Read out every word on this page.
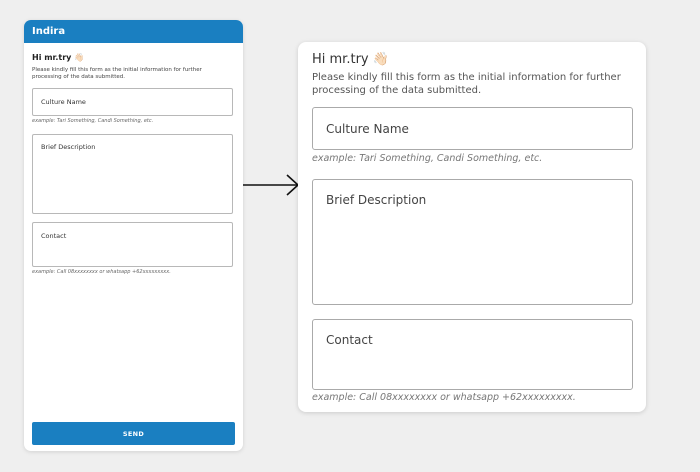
Indira
Hi mr.try 👋🏻
Please kindly fill this form as the initial information for further processing of the data submitted.
Culture Name
example: Tari Something, Candi Something, etc.
Brief Description
Contact
example: Call 08xxxxxxxx or whatsapp +62xxxxxxxxx.
SEND
Hi mr.try 👋🏻
Please kindly fill this form as the initial information for further processing of the data submitted.
Culture Name
example: Tari Something, Candi Something, etc.
Brief Description
Contact
example: Call 08xxxxxxxx or whatsapp +62xxxxxxxxx.
